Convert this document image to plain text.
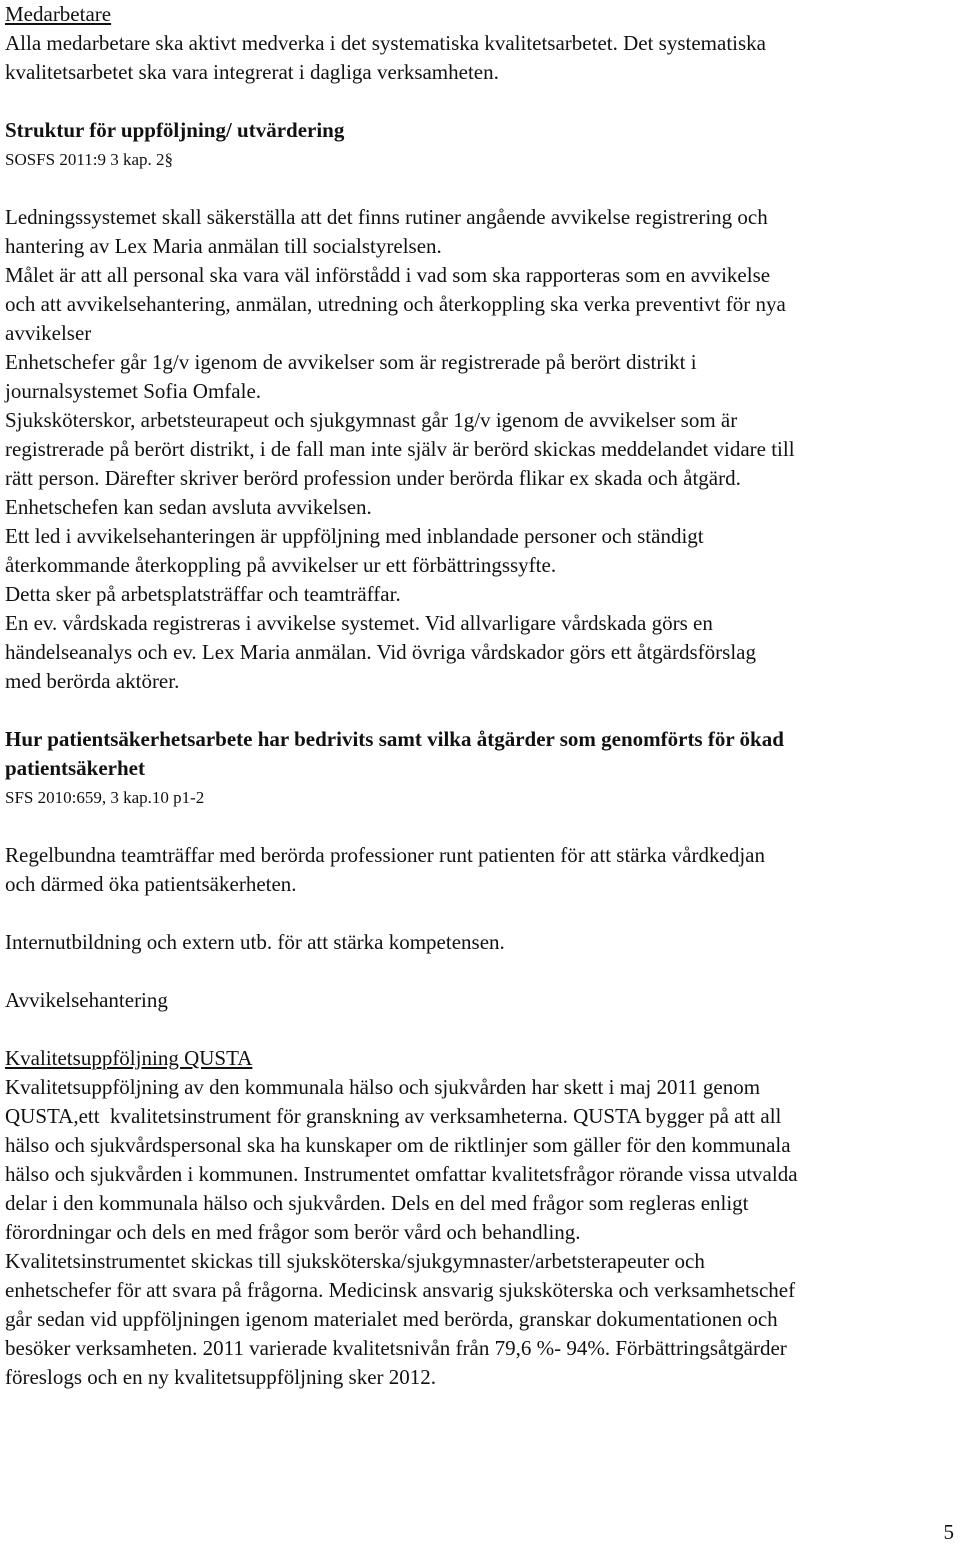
Medarbetare
Alla medarbetare ska aktivt medverka i det systematiska kvalitetsarbetet. Det systematiska
kvalitetsarbetet ska vara integrerat i dagliga verksamheten.
Struktur för uppföljning/ utvärdering
SOSFS 2011:9 3 kap. 2§
Ledningssystemet skall säkerställa att det finns rutiner angående avvikelse registrering och
hantering av Lex Maria anmälan till socialstyrelsen.
Målet är att all personal ska vara väl införstådd i vad som ska rapporteras som en avvikelse
och att avvikelsehantering, anmälan, utredning och återkoppling ska verka preventivt för nya
avvikelser
Enhetschefer går 1g/v igenom de avvikelser som är registrerade på berört distrikt i
journalsystemet Sofia Omfale.
Sjuksköterskor, arbetsteurapeut och sjukgymnast går 1g/v igenom de avvikelser som är
registrerade på berört distrikt, i de fall man inte själv är berörd skickas meddelandet vidare till
rätt person. Därefter skriver berörd profession under berörda flikar ex skada och åtgärd.
Enhetschefen kan sedan avsluta avvikelsen.
Ett led i avvikelsehanteringen är uppföljning med inblandade personer och ständigt
återkommande återkoppling på avvikelser ur ett förbättringssyfte.
Detta sker på arbetsplatsträffar och teamträffar.
En ev. vårdskada registreras i avvikelse systemet. Vid allvarligare vårdskada görs en
händelseanalys och ev. Lex Maria anmälan. Vid övriga vårdskador görs ett åtgärdsförslag
med berörda aktörer.
Hur patientsäkerhetsarbete har bedrivits samt vilka åtgärder som genomförts för ökad
patientsäkerhet
SFS 2010:659, 3 kap.10 p1-2
Regelbundna teamträffar med berörda professioner runt patienten för att stärka vårdkedjan
och därmed öka patientsäkerheten.
Internutbildning och extern utb. för att stärka kompetensen.
Avvikelsehantering
Kvalitetsuppföljning QUSTA
Kvalitetsuppföljning av den kommunala hälso och sjukvården har skett i maj 2011 genom
QUSTA,ett  kvalitetsinstrument för granskning av verksamheterna. QUSTA bygger på att all
hälso och sjukvårdspersonal ska ha kunskaper om de riktlinjer som gäller för den kommunala
hälso och sjukvården i kommunen. Instrumentet omfattar kvalitetsfrågor rörande vissa utvalda
delar i den kommunala hälso och sjukvården. Dels en del med frågor som regleras enligt
förordningar och dels en med frågor som berör vård och behandling.
Kvalitetsinstrumentet skickas till sjuksköterska/sjukgymnaster/arbetsterapeuter och
enhetschefer för att svara på frågorna. Medicinsk ansvarig sjuksköterska och verksamhetschef
går sedan vid uppföljningen igenom materialet med berörda, granskar dokumentationen och
besöker verksamheten. 2011 varierade kvalitetsnivån från 79,6 %- 94%. Förbättringsåtgärder
föreslogs och en ny kvalitetsuppföljning sker 2012.
5
